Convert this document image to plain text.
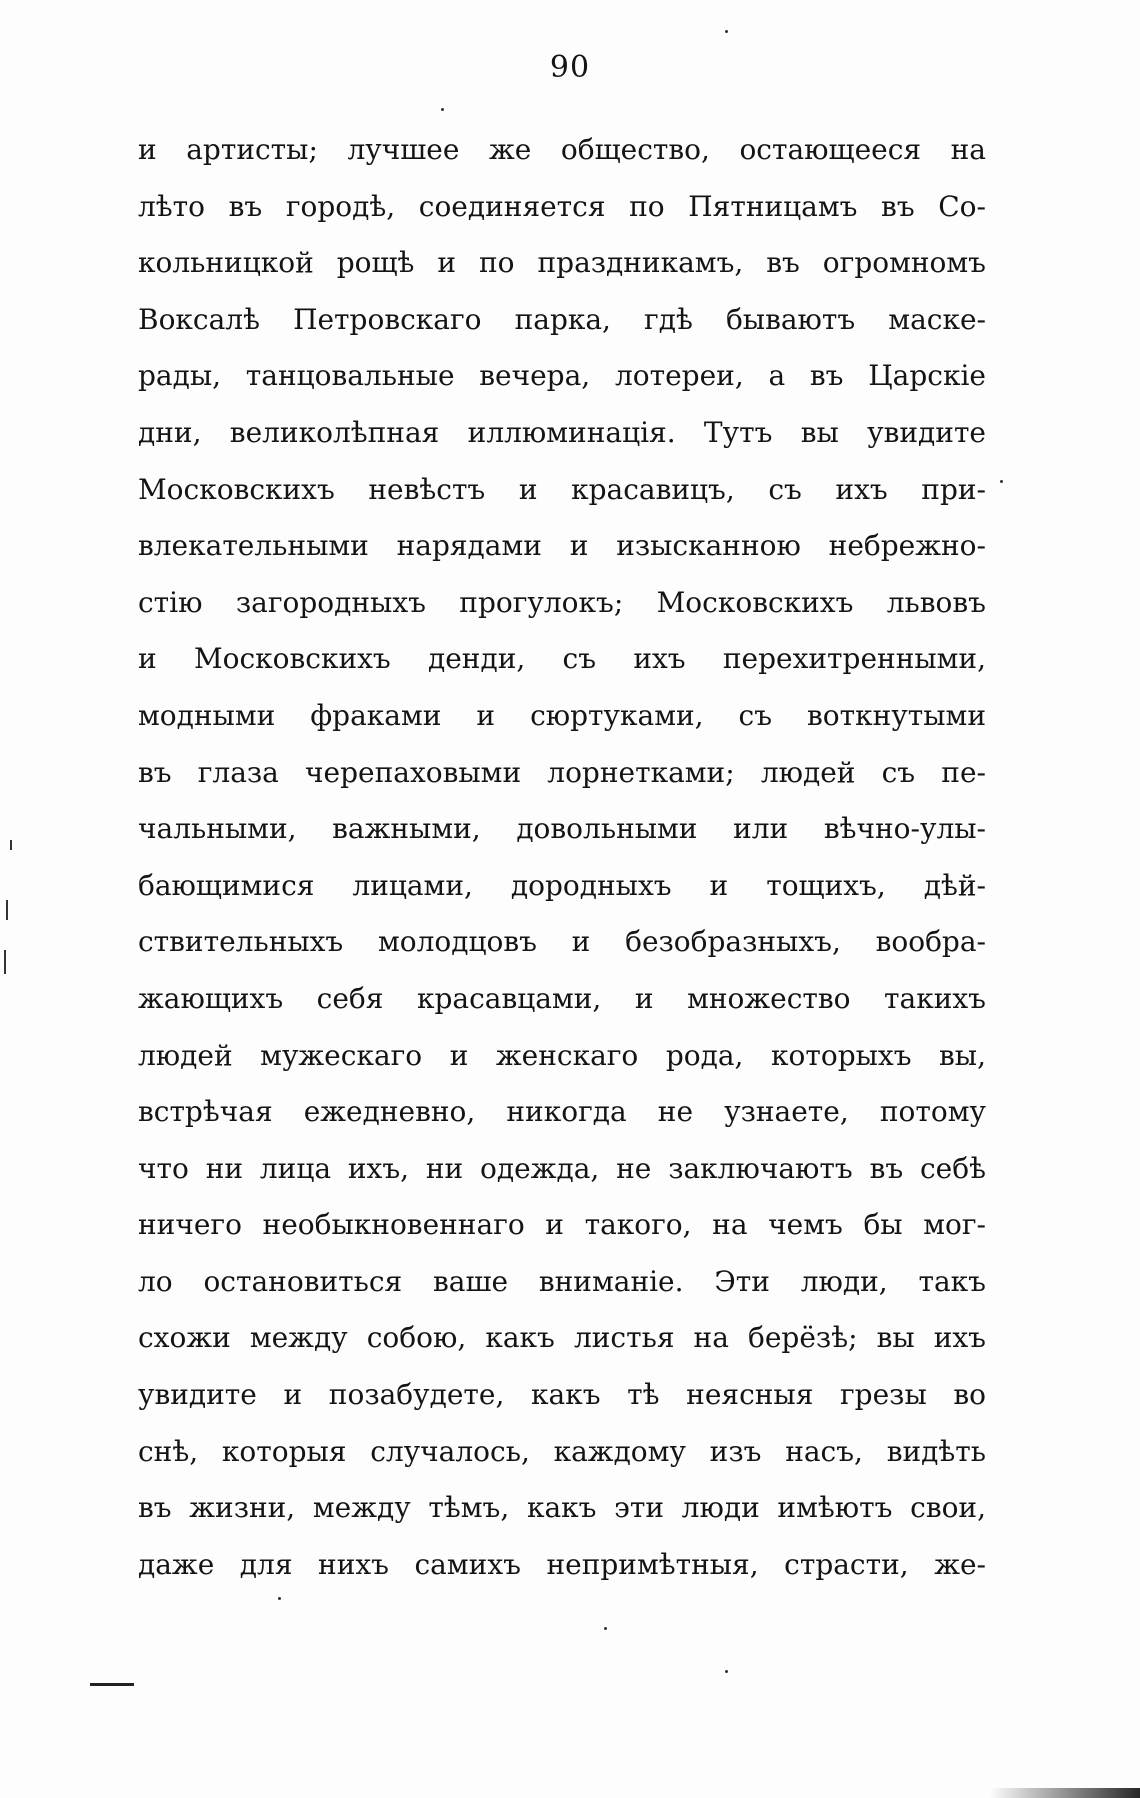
90
и артисты; лучшее же общество, остающееся на
лѣто въ городѣ, соединяется по Пятницамъ въ Со-
кольницкой рощѣ и по праздникамъ, въ огромномъ
Воксалѣ Петровскаго парка, гдѣ бываютъ маске-
рады, танцовальные вечера, лотереи, а въ Царскіе
дни, великолѣпная иллюминація. Тутъ вы увидите
Московскихъ невѣстъ и красавицъ, съ ихъ при-
влекательными нарядами и изысканною небрежно-
стію загородныхъ прогулокъ; Московскихъ львовъ
и Московскихъ денди, съ ихъ перехитренными,
модными фраками и сюртуками, съ воткнутыми
въ глаза черепаховыми лорнетками; людей съ пе-
чальными, важными, довольными или вѣчно-улы-
бающимися лицами, дородныхъ и тощихъ, дѣй-
ствительныхъ молодцовъ и безобразныхъ, вообра-
жающихъ себя красавцами, и множество такихъ
людей мужескаго и женскаго рода, которыхъ вы,
встрѣчая ежедневно, никогда не узнаете, потому
что ни лица ихъ, ни одежда, не заключаютъ въ себѣ
ничего необыкновеннаго и такого, на чемъ бы мог-
ло остановиться ваше вниманіе. Эти люди, такъ
схожи между собою, какъ листья на берёзѣ; вы ихъ
увидите и позабудете, какъ тѣ неясныя грезы во
снѣ, которыя случалось, каждому изъ насъ, видѣть
въ жизни, между тѣмъ, какъ эти люди имѣютъ свои,
даже для нихъ самихъ непримѣтныя, страсти, же-
